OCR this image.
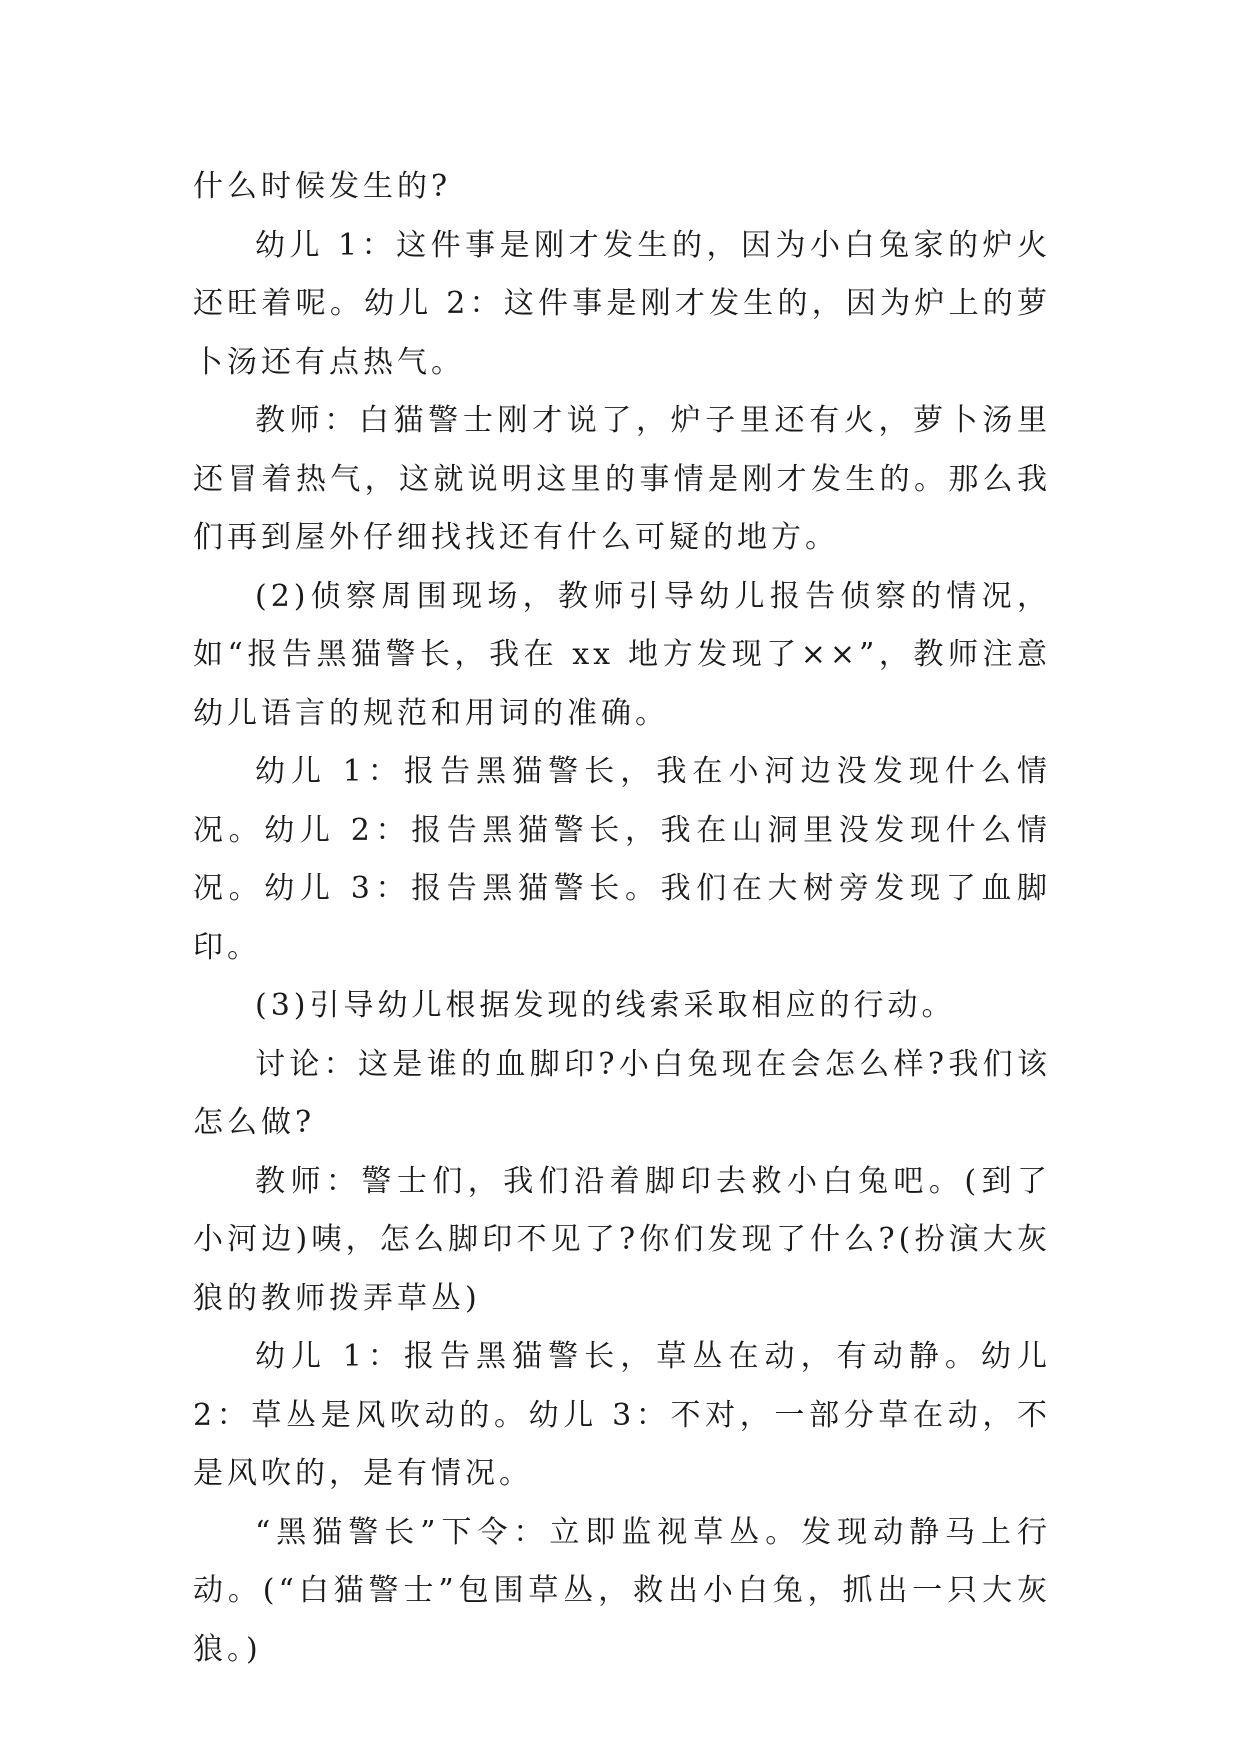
什么时候发生的?

幼儿 1：这件事是刚才发生的，因为小白兔家的炉火还旺着呢。幼儿 2：这件事是刚才发生的，因为炉上的萝卜汤还有点热气。

教师：白猫警士刚才说了，炉子里还有火，萝卜汤里还冒着热气，这就说明这里的事情是刚才发生的。那么我们再到屋外仔细找找还有什么可疑的地方。

(2)侦察周围现场，教师引导幼儿报告侦察的情况，如“报告黑猫警长，我在 xx 地方发现了××”，教师注意幼儿语言的规范和用词的准确。

幼儿 1：报告黑猫警长，我在小河边没发现什么情况。幼儿 2：报告黑猫警长，我在山洞里没发现什么情况。幼儿 3：报告黑猫警长。我们在大树旁发现了血脚印。

(3)引导幼儿根据发现的线索采取相应的行动。

讨论：这是谁的血脚印?小白兔现在会怎么样?我们该怎么做?

教师：警士们，我们沿着脚印去救小白兔吧。(到了小河边)咦，怎么脚印不见了?你们发现了什么?(扮演大灰狼的教师拨弄草丛)

幼儿 1：报告黑猫警长，草丛在动，有动静。幼儿 2：草丛是风吹动的。幼儿 3：不对，一部分草在动，不是风吹的，是有情况。

“黑猫警长”下令：立即监视草丛。发现动静马上行动。(“白猫警士”包围草丛，救出小白兔，抓出一只大灰狼。)
